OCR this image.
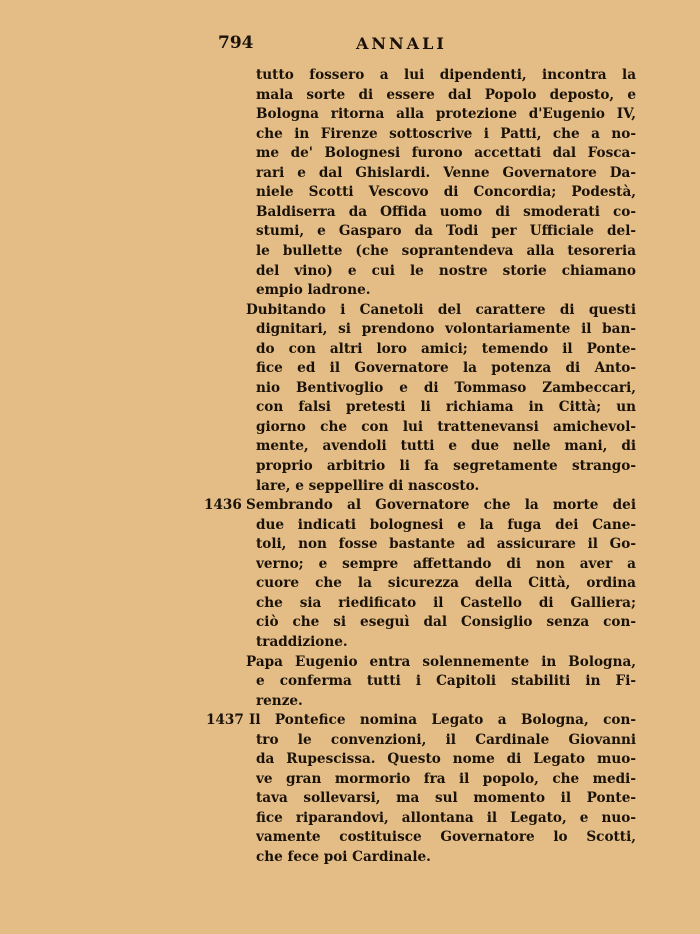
794	ANNALI
tutto fossero a lui dipendenti, incontra la
mala sorte di essere dal Popolo deposto, e
Bologna ritorna alla protezione d'Eugenio IV,
che in Firenze sottoscrive i Patti, che a no-
me de' Bolognesi furono accettati dal Fosca-
rari e dal Ghislardi. Venne Governatore Da-
niele Scotti Vescovo di Concordia; Podestà,
Baldiserra da Offida uomo di smoderati co-
stumi, e Gasparo da Todi per Ufficiale del-
le bullette (che soprantendeva alla tesoreria
del vino) e cui le nostre storie chiamano
empio ladrone.
Dubitando i Canetoli del carattere di questi
dignitari, si prendono volontariamente il ban-
do con altri loro amici; temendo il Ponte-
fice ed il Governatore la potenza di Anto-
nio Bentivoglio e di Tommaso Zambeccari,
con falsi pretesti li richiama in Città; un
giorno che con lui trattenevansi amichevol-
mente, avendoli tutti e due nelle mani, di
proprio arbitrio li fa segretamente strango-
lare, e seppellire di nascosto.
Sembrando al Governatore che la morte dei
1436
due indicati bolognesi e la fuga dei Cane-
toli, non fosse bastante ad assicurare il Go-
verno; e sempre affettando di non aver a
cuore che la sicurezza della Città, ordina
che sia riedificato il Castello di Galliera;
ciò che si eseguì dal Consiglio senza con-
traddizione.
Papa Eugenio entra solennemente in Bologna,
e conferma tutti i Capitoli stabiliti in Fi-
renze.
Il Pontefice nomina Legato a Bologna, con-
1437
tro le convenzioni, il Cardinale Giovanni
da Rupescissa. Questo nome di Legato muo-
ve gran mormorio fra il popolo, che medi-
tava sollevarsi, ma sul momento il Ponte-
fice riparandovi, allontana il Legato, e nuo-
vamente costituisce Governatore lo Scotti,
che fece poi Cardinale.
